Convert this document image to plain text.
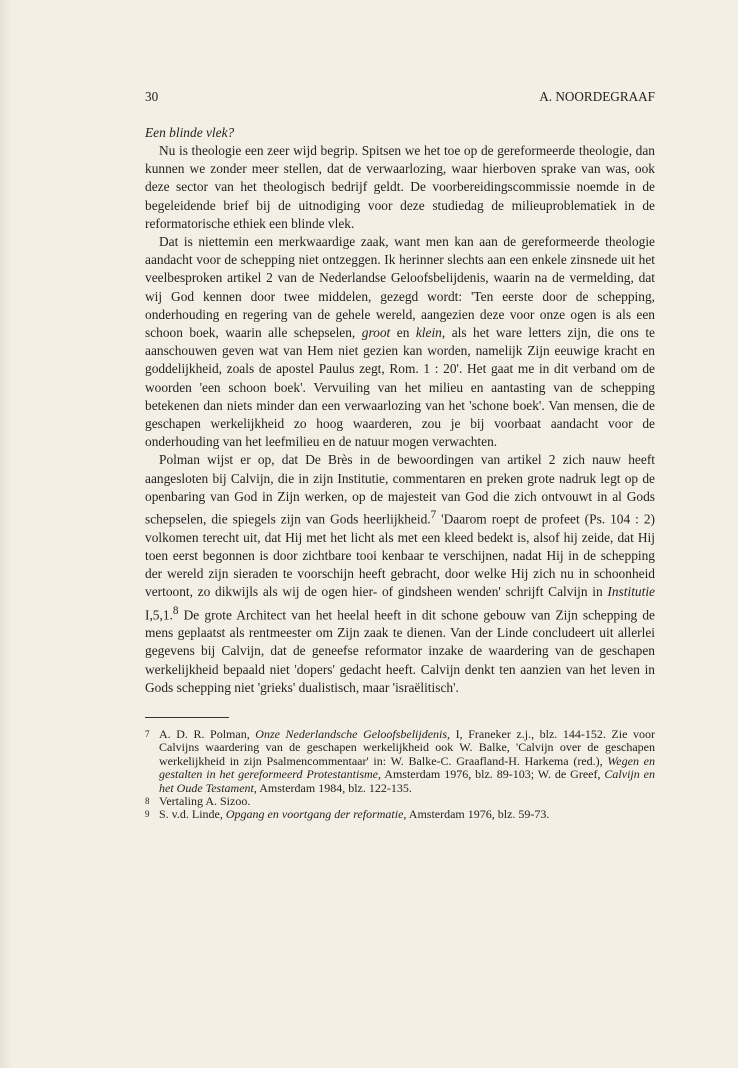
30	A. NOORDEGRAAF

Een blinde vlek?

Nu is theologie een zeer wijd begrip. Spitsen we het toe op de gereformeerde theologie, dan kunnen we zonder meer stellen, dat de verwaarlozing, waar hierboven sprake van was, ook deze sector van het theologisch bedrijf geldt. De voorbereidingscommissie noemde in de begeleidende brief bij de uitnodiging voor deze studiedag de milieuproblematiek in de reformatorische ethiek een blinde vlek.

Dat is niettemin een merkwaardige zaak, want men kan aan de gereformeerde theologie aandacht voor de schepping niet ontzeggen. Ik herinner slechts aan een enkele zinsnede uit het veelbesproken artikel 2 van de Nederlandse Geloofsbelijdenis, waarin na de vermelding, dat wij God kennen door twee middelen, gezegd wordt: 'Ten eerste door de schepping, onderhouding en regering van de gehele wereld, aangezien deze voor onze ogen is als een schoon boek, waarin alle schepselen, groot en klein, als het ware letters zijn, die ons te aanschouwen geven wat van Hem niet gezien kan worden, namelijk Zijn eeuwige kracht en goddelijkheid, zoals de apostel Paulus zegt, Rom. 1 : 20'. Het gaat me in dit verband om de woorden 'een schoon boek'. Vervuiling van het milieu en aantasting van de schepping betekenen dan niets minder dan een verwaarlozing van het 'schone boek'. Van mensen, die de geschapen werkelijkheid zo hoog waarderen, zou je bij voorbaat aandacht voor de onderhouding van het leefmilieu en de natuur mogen verwachten.

Polman wijst er op, dat De Brès in de bewoordingen van artikel 2 zich nauw heeft aangesloten bij Calvijn, die in zijn Institutie, commentaren en preken grote nadruk legt op de openbaring van God in Zijn werken, op de majesteit van God die zich ontvouwt in al Gods schepselen, die spiegels zijn van Gods heerlijkheid.$^7$ 'Daarom roept de profeet (Ps. 104 : 2) volkomen terecht uit, dat Hij met het licht als met een kleed bedekt is, alsof hij zeide, dat Hij toen eerst begonnen is door zichtbare tooi kenbaar te verschijnen, nadat Hij in de schepping der wereld zijn sieraden te voorschijn heeft gebracht, door welke Hij zich nu in schoonheid vertoont, zo dikwijls als wij de ogen hier- of gindsheen wenden' schrijft Calvijn in Institutie I,5,1.$^8$ De grote Architect van het heelal heeft in dit schone gebouw van Zijn schepping de mens geplaatst als rentmeester om Zijn zaak te dienen. Van der Linde concludeert uit allerlei gegevens bij Calvijn, dat de geneefse reformator inzake de waardering van de geschapen werkelijkheid bepaald niet 'dopers' gedacht heeft. Calvijn denkt ten aanzien van het leven in Gods schepping niet 'grieks' dualistisch, maar 'israëlitisch'.

7 A. D. R. Polman, Onze Nederlandsche Geloofsbelijdenis, I, Franeker z.j., blz. 144-152. Zie voor Calvijns waardering van de geschapen werkelijkheid ook W. Balke, 'Calvijn over de geschapen werkelijkheid in zijn Psalmencommentaar' in: W. Balke-C. Graafland-H. Harkema (red.), Wegen en gestalten in het gereformeerd Protestantisme, Amsterdam 1976, blz. 89-103; W. de Greef, Calvijn en het Oude Testament, Amsterdam 1984, blz. 122-135.
8 Vertaling A. Sizoo.
9 S. v.d. Linde, Opgang en voortgang der reformatie, Amsterdam 1976, blz. 59-73.
